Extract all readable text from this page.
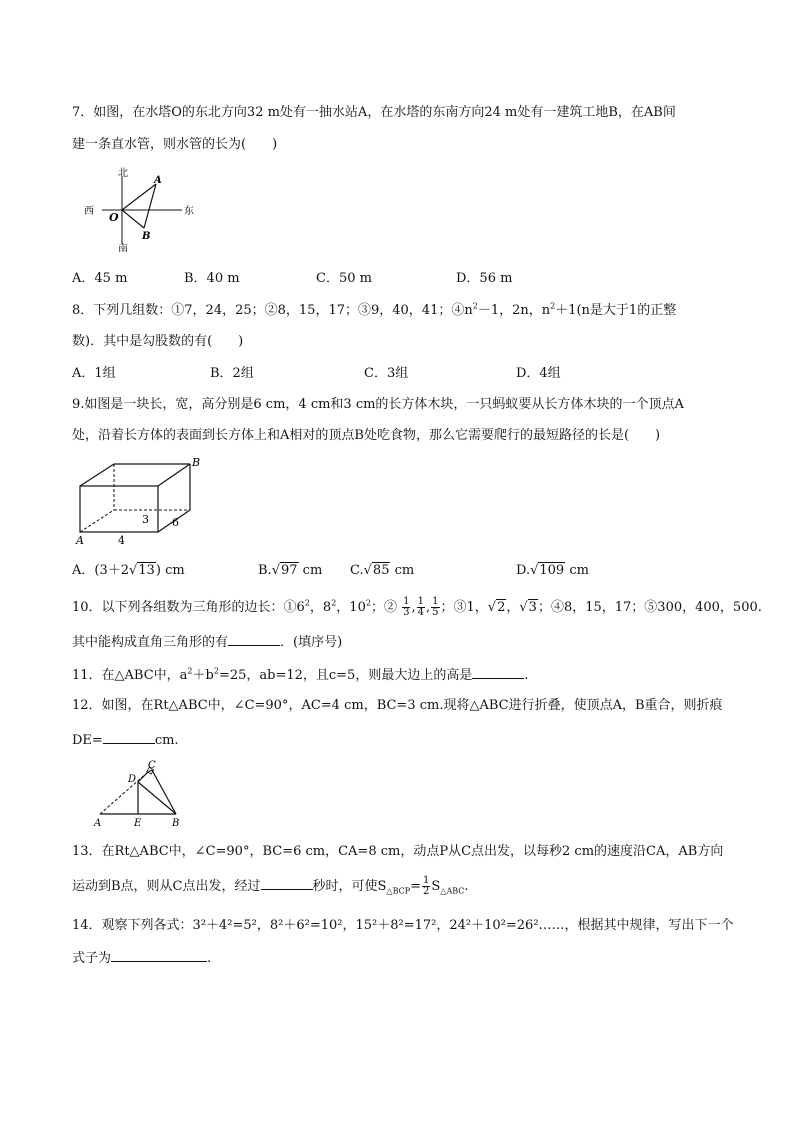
7．如图，在水塔O的东北方向32 m处有一抽水站A，在水塔的东南方向24 m处有一建筑工地B，在AB间
建一条直水管，则水管的长为(　　)
北
南
西	东
O
A
B
A．45 m	B．40 m	C．50 m	D．56 m
8．下列几组数：①7，24，25；②8，15，17；③9，40，41；$④n^2-1$，2n，$n^2+1(n$是大于1的正整
数)．其中是勾股数的有(　　)
A．1组	B．2组	C．3组	D．4组
9.如图是一块长，宽，高分别是6 cm，4 cm和3 cm的长方体木块，一只蚂蚁要从长方体木块的一个顶点A
处，沿着长方体的表面到长方体上和A相对的顶点B处吃食物，那么它需要爬行的最短路径的长是(　　)
A
B
4
3 6
A．(3＋2√13) cm	B.√97 cm C.√85 cm	D.√109 cm
10．以下列各组数为三角形的边长：$①6^2$，$8^2$，$10^2$；② $\frac{1}{3}$ , $\frac{1}{4}$ , $\frac{1}{5}$ ；③1，√2，√3；④8，15，17；⑤300，400，500.
其中能构成直角三角形的有	．(填序号)
11．在△ABC中，$a^2+b^2=25$，ab=12，且c=5，则最大边上的高是	.
12．如图，在Rt△ABC中，∠C=90°，AC=4 cm，BC=3 cm.现将△ABC进行折叠，使顶点A，B重合，则折痕
DE=	cm.
A	B
C
D
E
13．在Rt△ABC中，∠C=90°，BC=6 cm，CA=8 cm，动点P从C点出发，以每秒2 cm的速度沿CA，AB方向
运动到B点，则从C点出发，经过	秒时，可使$S_{\triangle BCP}= \frac{1}{2} S_{\triangle ABC}$.
14．观察下列各式：3²＋4²=5²，8²＋6²=10²，15²＋8²=17²，24²＋10²=26²……，根据其中规律，写出下一个
式子为	.
